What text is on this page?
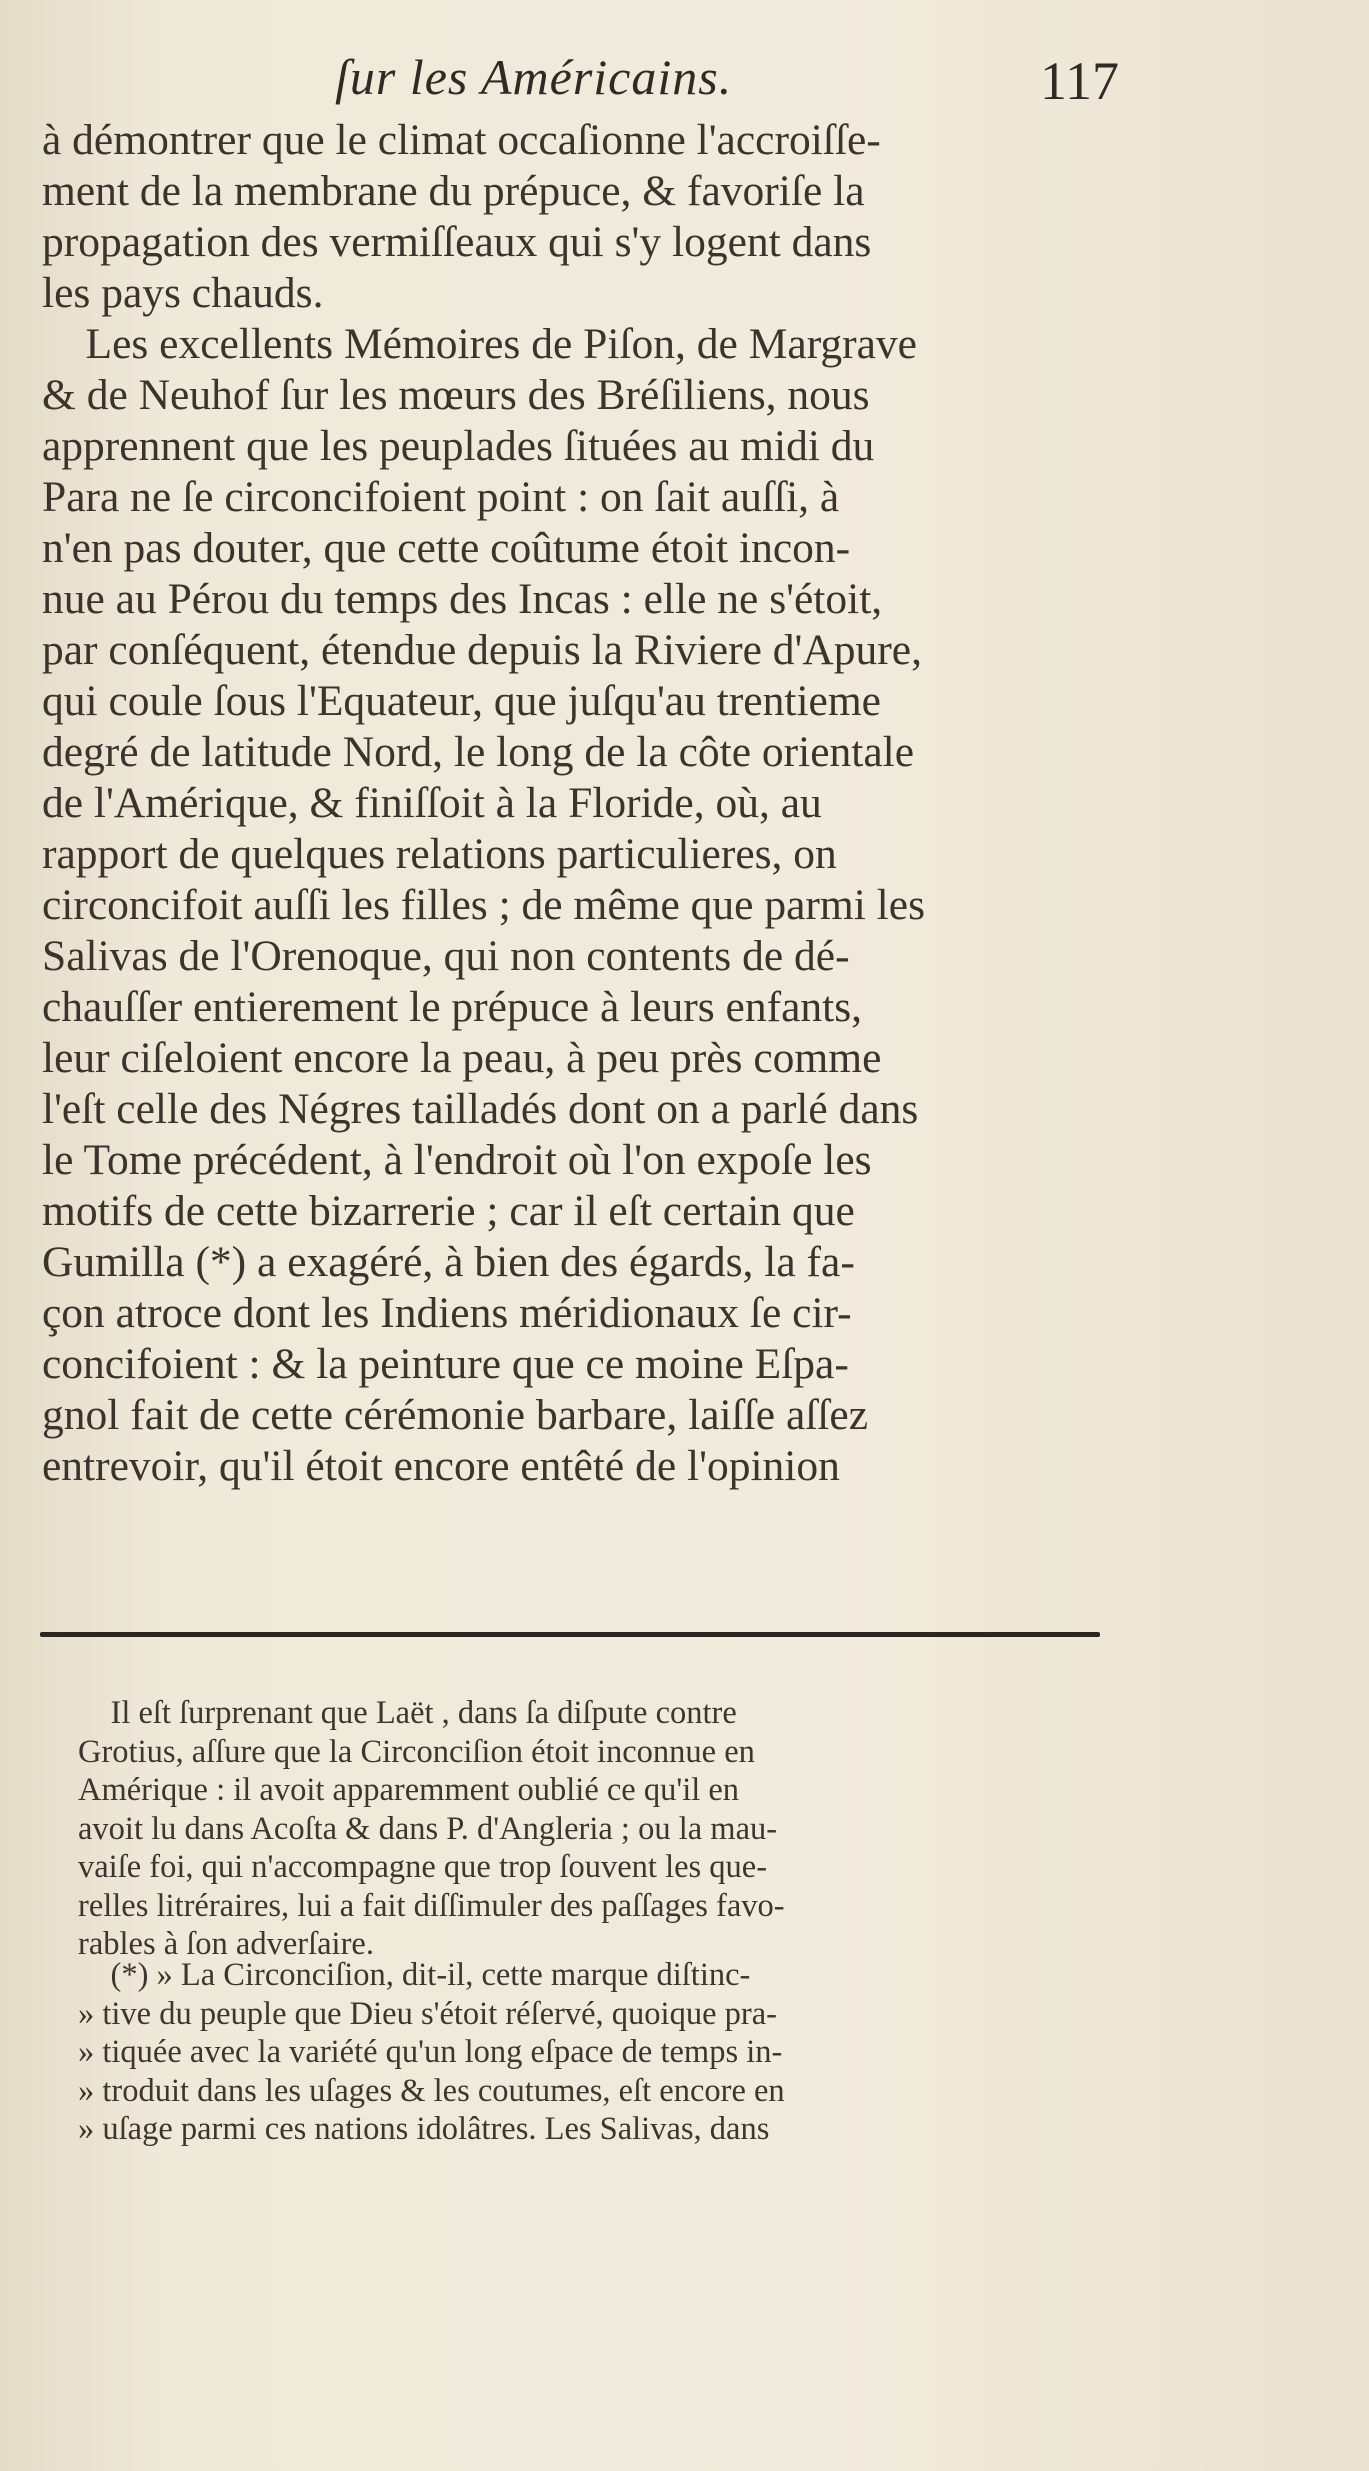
ſur les Américains.	117
à démontrer que le climat occaſionne l'accroiſſe-
ment de la membrane du prépuce, & favoriſe la
propagation des vermiſſeaux qui s'y logent dans
les pays chauds.
Les excellents Mémoires de Piſon, de Margrave
& de Neuhof ſur les mœurs des Bréſiliens, nous
apprennent que les peuplades ſituées au midi du
Para ne ſe circoncifoient point : on ſait auſſi, à
n'en pas douter, que cette coûtume étoit incon-
nue au Pérou du temps des Incas : elle ne s'étoit,
par conſéquent, étendue depuis la Riviere d'Apure,
qui coule ſous l'Equateur, que juſqu'au trentieme
degré de latitude Nord, le long de la côte orientale
de l'Amérique, & finiſſoit à la Floride, où, au
rapport de quelques relations particulieres, on
circoncifoit auſſi les filles ; de même que parmi les
Salivas de l'Orenoque, qui non contents de dé-
chauſſer entierement le prépuce à leurs enfants,
leur ciſeloient encore la peau, à peu près comme
l'eſt celle des Négres tailladés dont on a parlé dans
le Tome précédent, à l'endroit où l'on expoſe les
motifs de cette bizarrerie ; car il eſt certain que
Gumilla (*) a exagéré, à bien des égards, la fa-
çon atroce dont les Indiens méridionaux ſe cir-
concifoient : & la peinture que ce moine Eſpa-
gnol fait de cette cérémonie barbare, laiſſe aſſez
entrevoir, qu'il étoit encore entêté de l'opinion
Il eſt ſurprenant que Laët , dans ſa diſpute contre
Grotius, aſſure que la Circonciſion étoit inconnue en
Amérique : il avoit apparemment oublié ce qu'il en
avoit lu dans Acoſta & dans P. d'Angleria ; ou la mau-
vaiſe foi, qui n'accompagne que trop ſouvent les que-
relles litréraires, lui a fait diſſimuler des paſſages favo-
rables à ſon adverſaire.
(*) » La Circonciſion, dit-il, cette marque diſtinc-
» tive du peuple que Dieu s'étoit réſervé, quoique pra-
» tiquée avec la variété qu'un long eſpace de temps in-
» troduit dans les uſages & les coutumes, eſt encore en
» uſage parmi ces nations idolâtres. Les Salivas, dans
